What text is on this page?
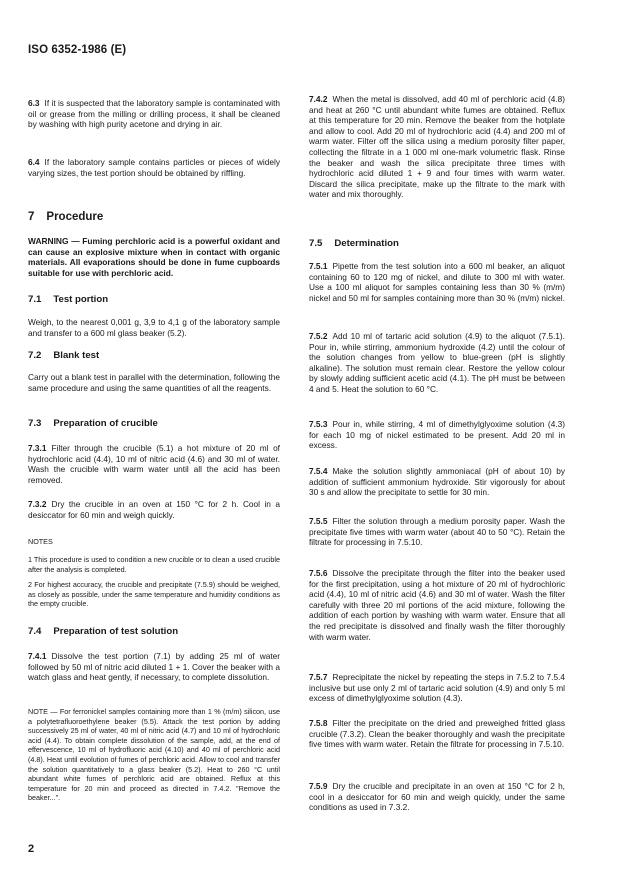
ISO 6352-1986 (E)

6.3 If it is suspected that the laboratory sample is contaminated with oil or grease from the milling or drilling process, it shall be cleaned by washing with high purity acetone and drying in air.

6.4 If the laboratory sample contains particles or pieces of widely varying sizes, the test portion should be obtained by riffling.

7 Procedure

WARNING — Fuming perchloric acid is a powerful oxidant and can cause an explosive mixture when in contact with organic materials. All evaporations should be done in fume cupboards suitable for use with perchloric acid.

7.1 Test portion

Weigh, to the nearest 0,001 g, 3,9 to 4,1 g of the laboratory sample and transfer to a 600 ml glass beaker (5.2).

7.2 Blank test

Carry out a blank test in parallel with the determination, following the same procedure and using the same quantities of all the reagents.

7.3 Preparation of crucible

7.3.1 Filter through the crucible (5.1) a hot mixture of 20 ml of hydrochloric acid (4.4), 10 ml of nitric acid (4.6) and 30 ml of water. Wash the crucible with warm water until all the acid has been removed.

7.3.2 Dry the crucible in an oven at 150 °C for 2 h. Cool in a desiccator for 60 min and weigh quickly.

NOTES

1 This procedure is used to condition a new crucible or to clean a used crucible after the analysis is completed.

2 For highest accuracy, the crucible and precipitate (7.5.9) should be weighed, as closely as possible, under the same temperature and humidity conditions as the empty crucible.

7.4 Preparation of test solution

7.4.1 Dissolve the test portion (7.1) by adding 25 ml of water followed by 50 ml of nitric acid diluted 1 + 1. Cover the beaker with a watch glass and heat gently, if necessary, to complete dissolution.

NOTE — For ferronickel samples containing more than 1 % (m/m) silicon, use a polytetrafluoroethylene beaker (5.5). Attack the test portion by adding successively 25 ml of water, 40 ml of nitric acid (4.7) and 10 ml of hydrochloric acid (4.4). To obtain complete dissolution of the sample, add, at the end of effervescence, 10 ml of hydrofluoric acid (4.10) and 40 ml of perchloric acid (4.8). Heat until evolution of fumes of perchloric acid. Allow to cool and transfer the solution quantitatively to a glass beaker (5.2). Heat to 260 °C until abundant white fumes of perchloric acid are obtained. Reflux at this temperature for 20 min and proceed as directed in 7.4.2. "Remove the beaker...".

7.4.2 When the metal is dissolved, add 40 ml of perchloric acid (4.8) and heat at 260 °C until abundant white fumes are obtained. Reflux at this temperature for 20 min. Remove the beaker from the hotplate and allow to cool. Add 20 ml of hydrochloric acid (4.4) and 200 ml of warm water. Filter off the silica using a medium porosity filter paper, collecting the filtrate in a 1 000 ml one-mark volumetric flask. Rinse the beaker and wash the silica precipitate three times with hydrochloric acid diluted 1 + 9 and four times with warm water. Discard the silica precipitate, make up the filtrate to the mark with water and mix thoroughly.

7.5 Determination

7.5.1 Pipette from the test solution into a 600 ml beaker, an aliquot containing 60 to 120 mg of nickel, and dilute to 300 ml with water. Use a 100 ml aliquot for samples containing less than 30 % (m/m) nickel and 50 ml for samples containing more than 30 % (m/m) nickel.

7.5.2 Add 10 ml of tartaric acid solution (4.9) to the aliquot (7.5.1). Pour in, while stirring, ammonium hydroxide (4.2) until the colour of the solution changes from yellow to blue-green (pH is slightly alkaline). The solution must remain clear. Restore the yellow colour by slowly adding sufficient acetic acid (4.1). The pH must be between 4 and 5. Heat the solution to 60 °C.

7.5.3 Pour in, while stirring, 4 ml of dimethylglyoxime solution (4.3) for each 10 mg of nickel estimated to be present. Add 20 ml in excess.

7.5.4 Make the solution slightly ammoniacal (pH of about 10) by addition of sufficient ammonium hydroxide. Stir vigorously for about 30 s and allow the precipitate to settle for 30 min.

7.5.5 Filter the solution through a medium porosity paper. Wash the precipitate five times with warm water (about 40 to 50 °C). Retain the filtrate for processing in 7.5.10.

7.5.6 Dissolve the precipitate through the filter into the beaker used for the first precipitation, using a hot mixture of 20 ml of hydrochloric acid (4.4), 10 ml of nitric acid (4.6) and 30 ml of water. Wash the filter carefully with three 20 ml portions of the acid mixture, following the addition of each portion by washing with warm water. Ensure that all the red precipitate is dissolved and finally wash the filter thoroughly with warm water.

7.5.7 Reprecipitate the nickel by repeating the steps in 7.5.2 to 7.5.4 inclusive but use only 2 ml of tartaric acid solution (4.9) and only 5 ml excess of dimethylglyoxime solution (4.3).

7.5.8 Filter the precipitate on the dried and preweighed fritted glass crucible (7.3.2). Clean the beaker thoroughly and wash the precipitate five times with warm water. Retain the filtrate for processing in 7.5.10.

7.5.9 Dry the crucible and precipitate in an oven at 150 °C for 2 h, cool in a desiccator for 60 min and weigh quickly, under the same conditions as used in 7.3.2.

2
